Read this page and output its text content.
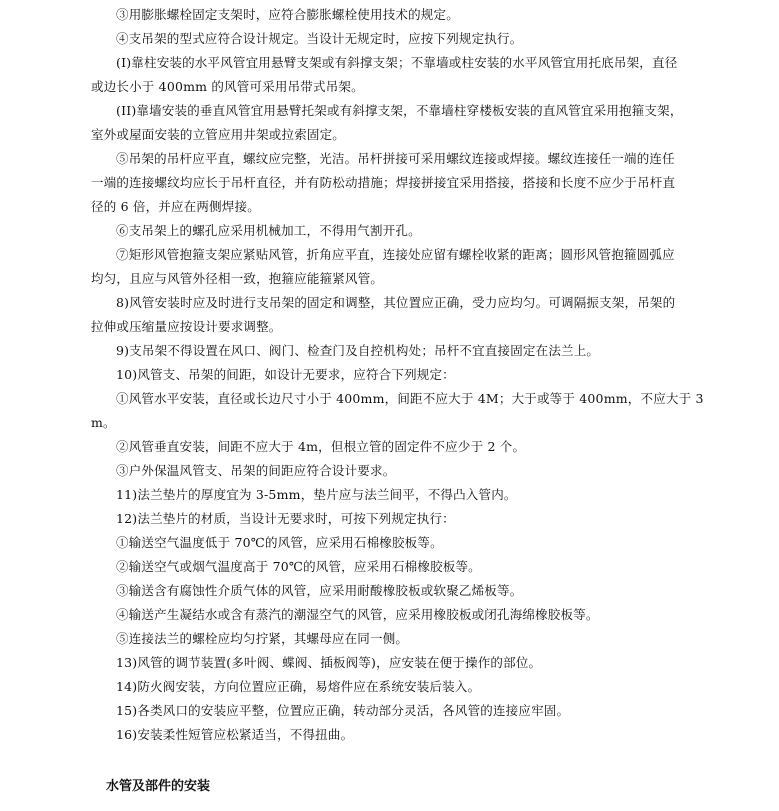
③用膨胀螺栓固定支架时，应符合膨胀螺栓使用技术的规定。
④支吊架的型式应符合设计规定。当设计无规定时，应按下列规定执行。
(I)靠柱安装的水平风管宜用悬臂支架或有斜撑支架；不靠墙或柱安装的水平风管宜用托底吊架，直径
或边长小于 400mm 的风管可采用吊带式吊架。
(II)靠墙安装的垂直风管宜用悬臂托架或有斜撑支架，不靠墙柱穿楼板安装的直风管宜采用抱箍支架，
室外或屋面安装的立管应用井架或拉索固定。
⑤吊架的吊杆应平直，螺纹应完整，光洁。吊杆拼接可采用螺纹连接或焊接。螺纹连接任一端的连任
一端的连接螺纹均应长于吊杆直径，并有防松动措施；焊接拼接宜采用搭接，搭接和长度不应少于吊杆直
径的 6 倍，并应在两侧焊接。
⑥支吊架上的螺孔应采用机械加工，不得用气割开孔。
⑦矩形风管抱箍支架应紧贴风管，折角应平直，连接处应留有螺栓收紧的距离；圆形风管抱箍圆弧应
均匀，且应与风管外径相一致，抱箍应能箍紧风管。
8)风管安装时应及时进行支吊架的固定和调整，其位置应正确，受力应均匀。可调隔振支架，吊架的
拉伸或压缩量应按设计要求调整。
9)支吊架不得设置在风口、阀门、检查门及自控机构处；吊杆不宜直接固定在法兰上。
10)风管支、吊架的间距，如设计无要求，应符合下列规定：
①风管水平安装，直径或长边尺寸小于 400mm，间距不应大于 4M；大于或等于 400mm，不应大于 3
m。
②风管垂直安装，间距不应大于 4m，但根立管的固定件不应少于 2 个。
③户外保温风管支、吊架的间距应符合设计要求。
11)法兰垫片的厚度宜为 3-5mm，垫片应与法兰间平，不得凸入管内。
12)法兰垫片的材质，当设计无要求时，可按下列规定执行：
①输送空气温度低于 70℃的风管，应采用石棉橡胶板等。
②输送空气或烟气温度高于 70℃的风管，应采用石棉橡胶板等。
③输送含有腐蚀性介质气体的风管，应采用耐酸橡胶板或软聚乙烯板等。
④输送产生凝结水或含有蒸汽的潮湿空气的风管，应采用橡胶板或闭孔海绵橡胶板等。
⑤连接法兰的螺栓应均匀拧紧，其螺母应在同一侧。
13)风管的调节装置(多叶阀、蝶阀、插板阀等)，应安装在便于操作的部位。
14)防火阀安装，方向位置应正确，易熔件应在系统安装后装入。
15)各类风口的安装应平整，位置应正确，转动部分灵活，各风管的连接应牢固。
16)安装柔性短管应松紧适当，不得扭曲。
水管及部件的安装
